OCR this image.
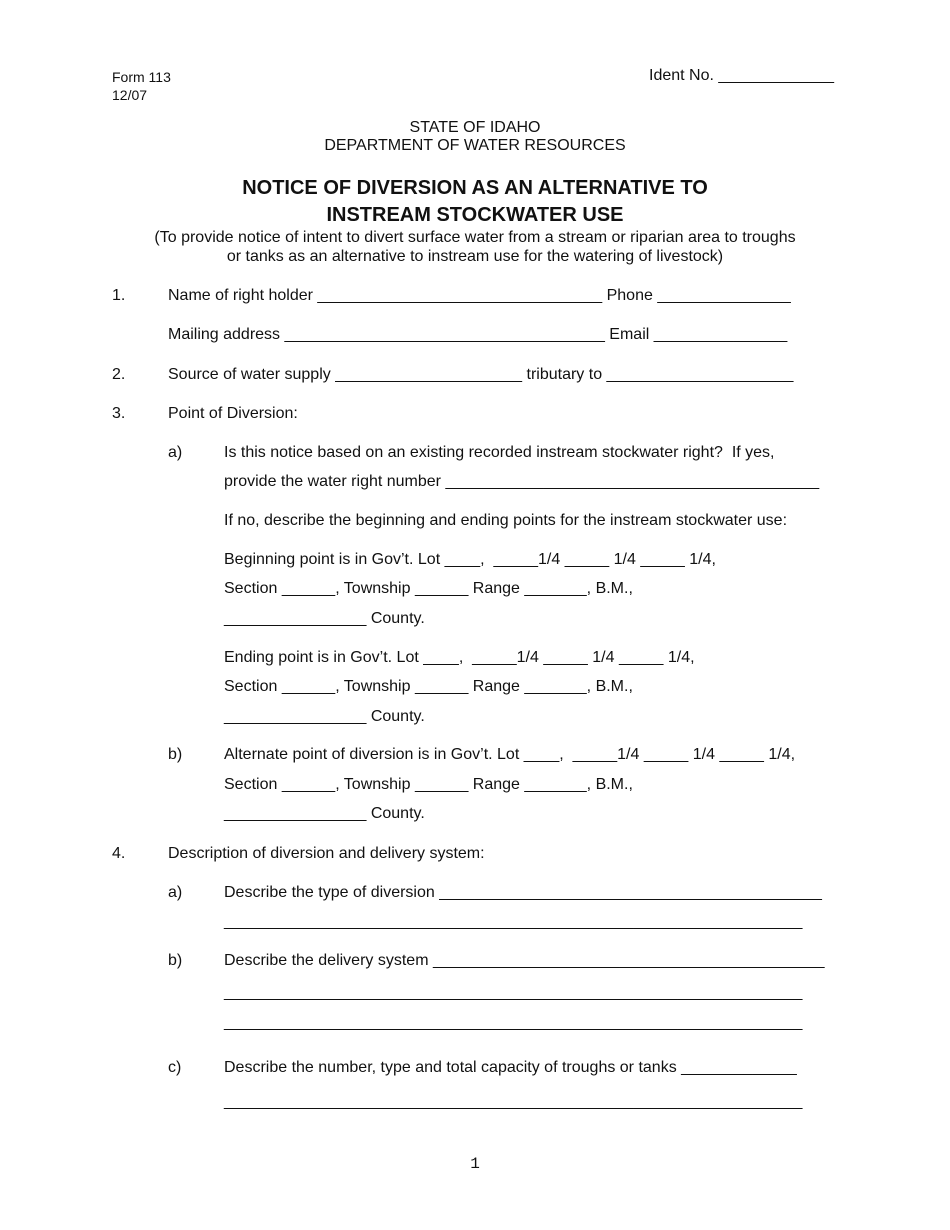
Form 113
12/07
Ident No. _____________
STATE OF IDAHO
DEPARTMENT OF WATER RESOURCES
NOTICE OF DIVERSION AS AN ALTERNATIVE TO
INSTREAM STOCKWATER USE
(To provide notice of intent to divert surface water from a stream or riparian area to troughs
or tanks as an alternative to instream use for the watering of livestock)
1.	Name of right holder ________________________________ Phone _______________
Mailing address ____________________________________ Email _______________
2.	Source of water supply _____________________ tributary to _____________________
3.	Point of Diversion:
a)	Is this notice based on an existing recorded instream stockwater right?  If yes,
provide the water right number __________________________________________
If no, describe the beginning and ending points for the instream stockwater use:
Beginning point is in Gov’t. Lot ____,  _____1/4 _____ 1/4 _____ 1/4,
Section ______, Township ______ Range _______, B.M.,
________________ County.
Ending point is in Gov’t. Lot ____,  _____1/4 _____ 1/4 _____ 1/4,
Section ______, Township ______ Range _______, B.M.,
________________ County.
b)	Alternate point of diversion is in Gov’t. Lot ____,  _____1/4 _____ 1/4 _____ 1/4,
Section ______, Township ______ Range _______, B.M.,
________________ County.
4.	Description of diversion and delivery system:
a)	Describe the type of diversion ___________________________________________
_________________________________________________________________
b)	Describe the delivery system ____________________________________________
_________________________________________________________________
_________________________________________________________________
c)	Describe the number, type and total capacity of troughs or tanks _____________
_________________________________________________________________
1
